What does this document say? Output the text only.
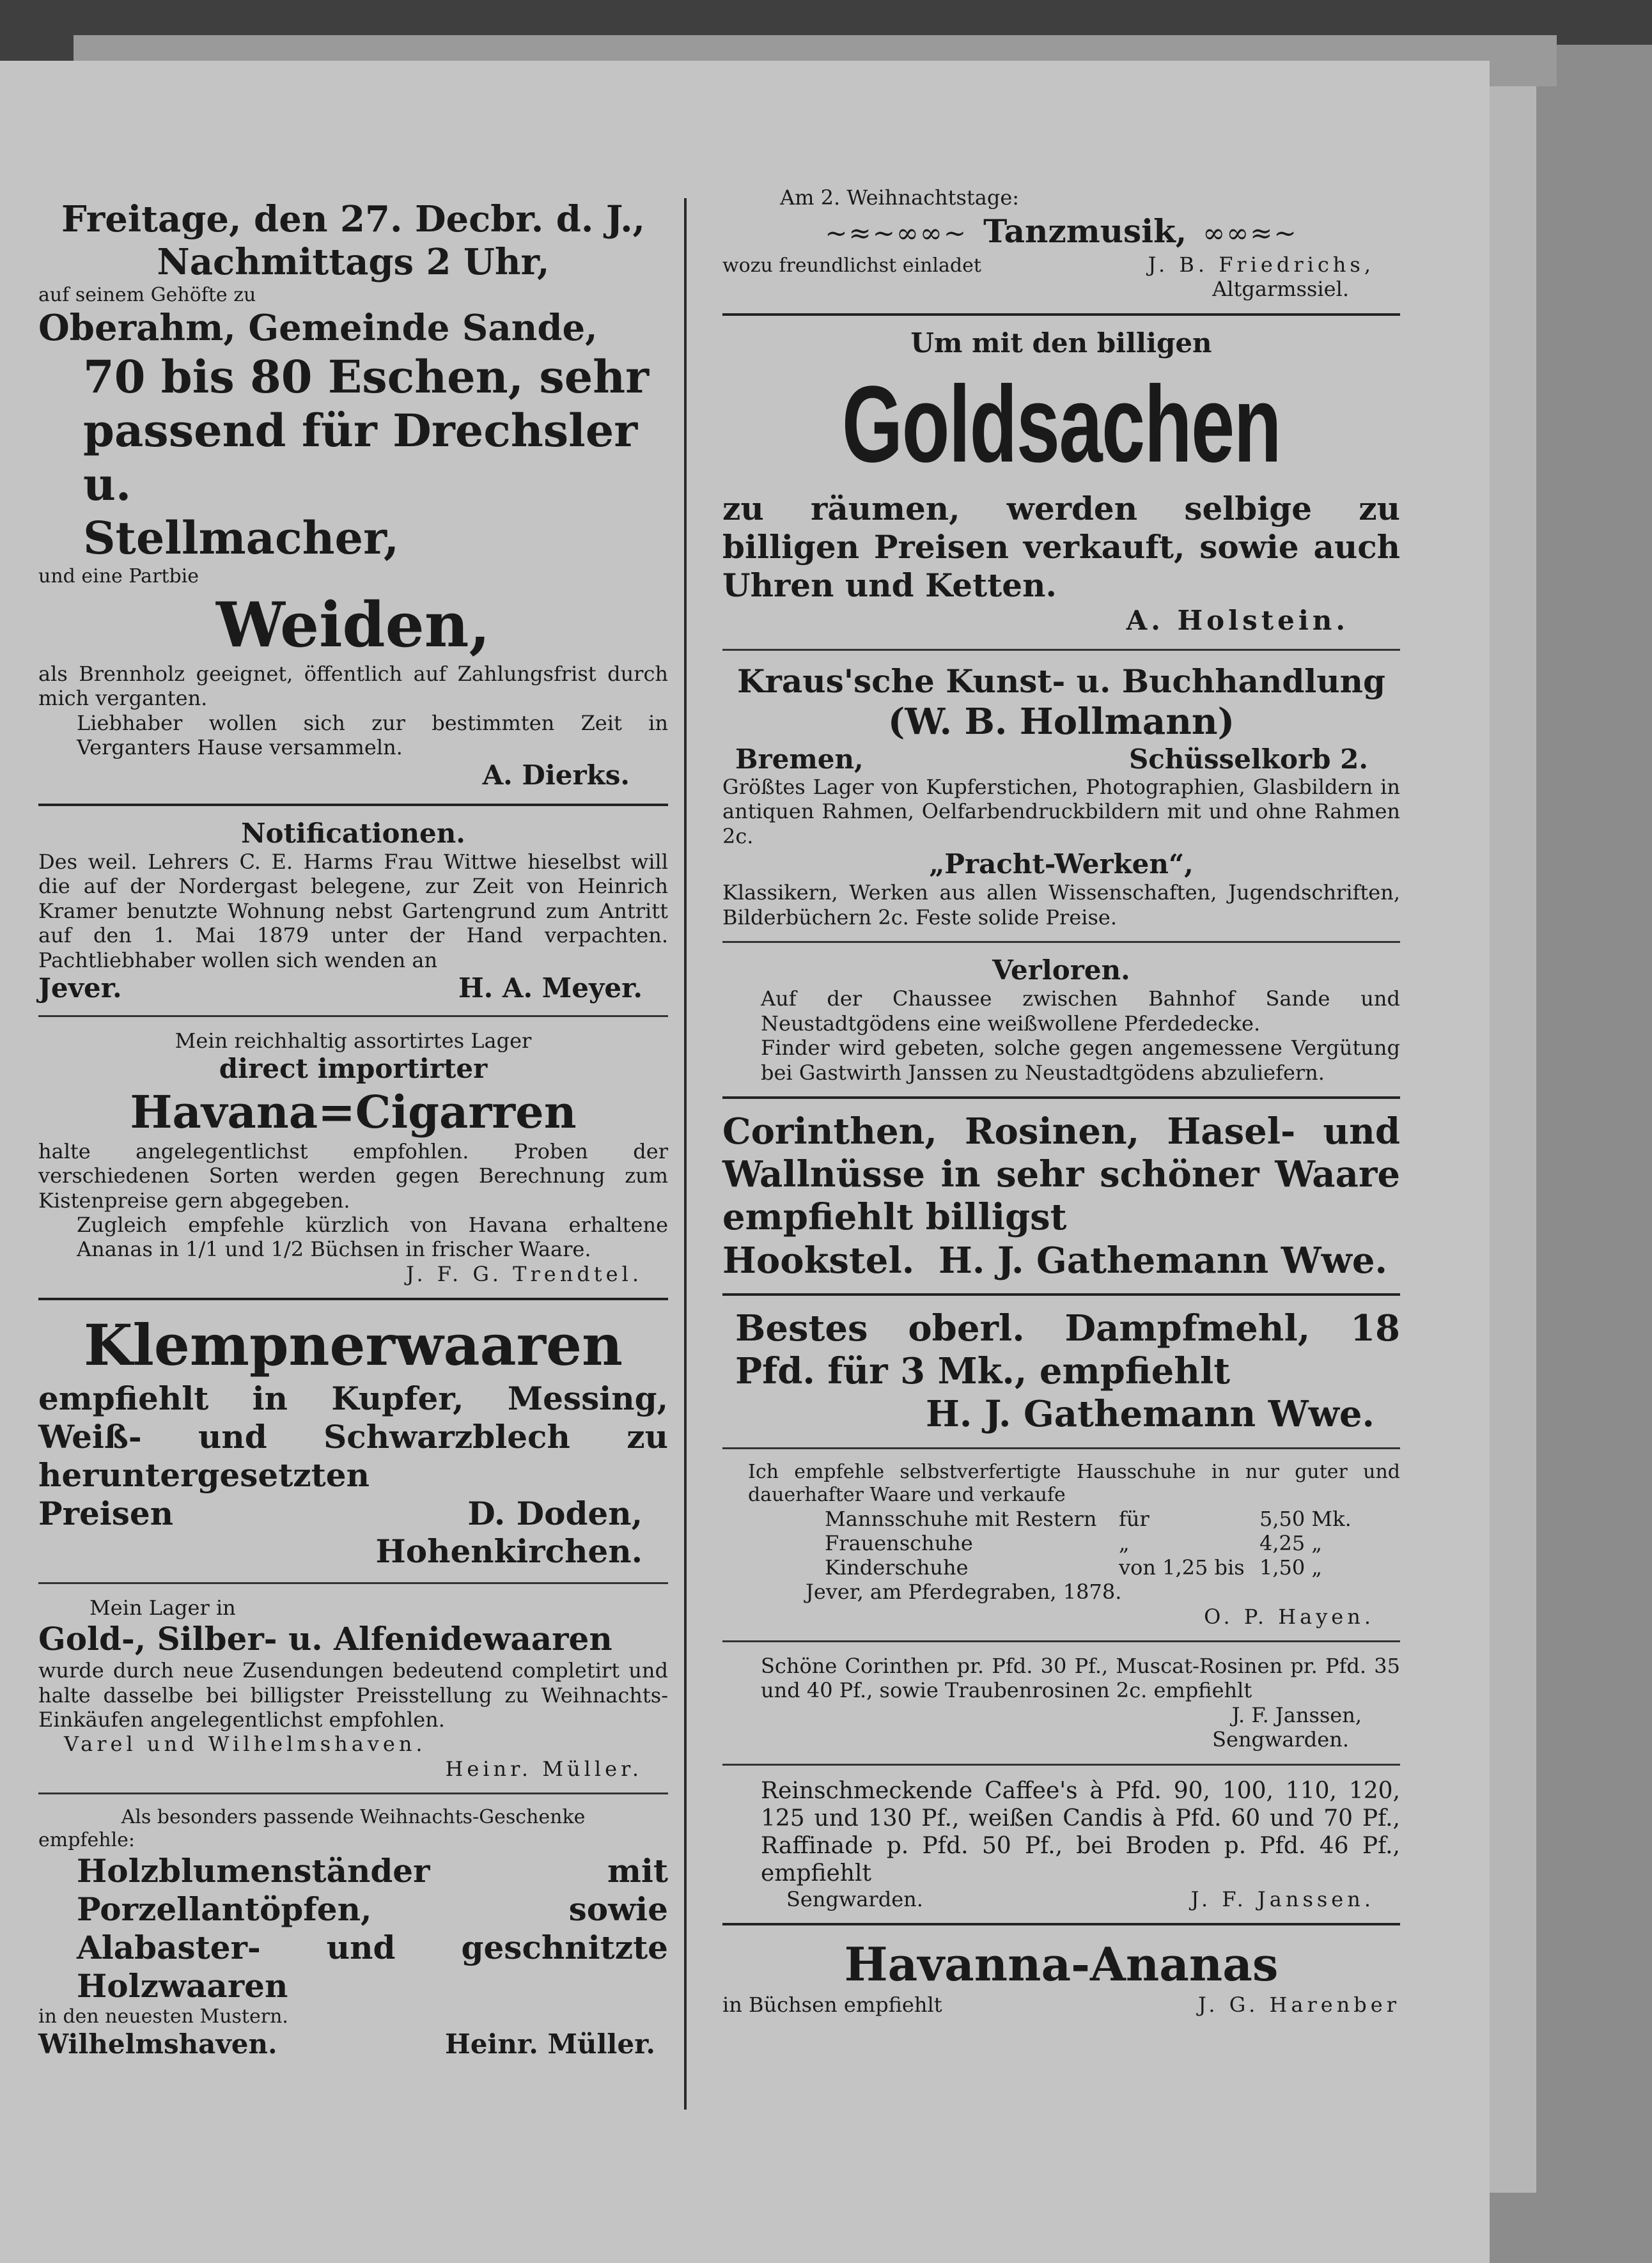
Freitage, den 27. Decbr. d. J.,

Nachmittags 2 Uhr,

auf seinem Gehöfte zu

Oberahm, Gemeinde Sande,

70 bis 80 Eschen, sehr

passend für Drechsler u.

Stellmacher,

und eine Partbie

Weiden,

als Brennholz geeignet, öffentlich auf Zahlungsfrist durch mich verganten.

Liebhaber wollen sich zur bestimmten Zeit in Verganters Hause versammeln.

A. Dierks.

Notificationen.

Des weil. Lehrers C. E. Harms Frau Wittwe hieselbst will die auf der Nordergast belegene, zur Zeit von Heinrich Kramer benutzte Wohnung nebst Gartengrund zum Antritt auf den 1. Mai 1879 unter der Hand verpachten. Pachtliebhaber wollen sich wenden an

Jever.	H. A. Meyer.

Mein reichhaltig assortirtes Lager

direct importirter

Havana=Cigarren

halte angelegentlichst empfohlen. Proben der verschiedenen Sorten werden gegen Berechnung zum Kistenpreise gern abgegeben.

Zugleich empfehle kürzlich von Havana erhaltene Ananas in 1/1 und 1/2 Büchsen in frischer Waare.

J. F. G. Trendtel.

Klempnerwaaren

empfiehlt in Kupfer, Messing, Weiß- und Schwarzblech zu heruntergesetzten

Preisen	D. Doden,

Hohenkirchen.

Mein Lager in

Gold-, Silber- u. Alfenidewaaren

wurde durch neue Zusendungen bedeutend completirt und halte dasselbe bei billigster Preisstellung zu Weihnachts-Einkäufen angelegentlichst empfohlen.

Varel und Wilhelmshaven.

Heinr. Müller.

Als besonders passende Weihnachts-Geschenke

empfehle:

Holzblumenständer mit Porzellantöpfen, sowie Alabaster- und geschnitzte Holzwaaren

in den neuesten Mustern.

Wilhelmshaven.	Heinr. Müller.

Am 2. Weihnachtstage:

~≈~∞∞~ Tanzmusik, ∞∞≈~
wozu freundlichst einladet	J. B. Friedrichs,

Altgarmssiel.

Um mit den billigen

Goldsachen

zu räumen, werden selbige zu billigen Preisen verkauft, sowie auch Uhren und Ketten.

A. Holstein.

Kraus'sche Kunst- u. Buchhandlung

(W. B. Hollmann)

Bremen,	Schüsselkorb 2.

Größtes Lager von Kupferstichen, Photographien, Glasbildern in antiquen Rahmen, Oelfarbendruckbildern mit und ohne Rahmen 2c.

„Pracht-Werken“,

Klassikern, Werken aus allen Wissenschaften, Jugendschriften, Bilderbüchern 2c. Feste solide Preise.

Verloren.

Auf der Chaussee zwischen Bahnhof Sande und Neustadtgödens eine weißwollene Pferdedecke.

Finder wird gebeten, solche gegen angemessene Vergütung bei Gastwirth Janssen zu Neustadtgödens abzuliefern.

Corinthen, Rosinen, Hasel- und Wallnüsse in sehr schöner Waare empfiehlt billigst

Hookstel. H. J. Gathemann Wwe.

Bestes oberl. Dampfmehl, 18 Pfd. für 3 Mk., empfiehlt

H. J. Gathemann Wwe.

Ich empfehle selbstverfertigte Hausschuhe in nur guter und dauerhafter Waare und verkaufe

Mannsschuhe mit Restern	für	5,50 Mk.
Frauenschuhe	„	4,25 „
Kinderschuhe	von 1,25 bis 1,50 „

Jever, am Pferdegraben, 1878.

O. P. Hayen.

Schöne Corinthen pr. Pfd. 30 Pf., Muscat-Rosinen pr. Pfd. 35 und 40 Pf., sowie Traubenrosinen 2c. empfiehlt

J. F. Janssen,

Sengwarden.

Reinschmeckende Caffee's à Pfd. 90, 100, 110, 120, 125 und 130 Pf., weißen Candis à Pfd. 60 und 70 Pf., Raffinade p. Pfd. 50 Pf., bei Broden p. Pfd. 46 Pf., empfiehlt

Sengwarden.	J. F. Janssen.

Havanna-Ananas

in Büchsen empfiehlt	J. G. Harenber
